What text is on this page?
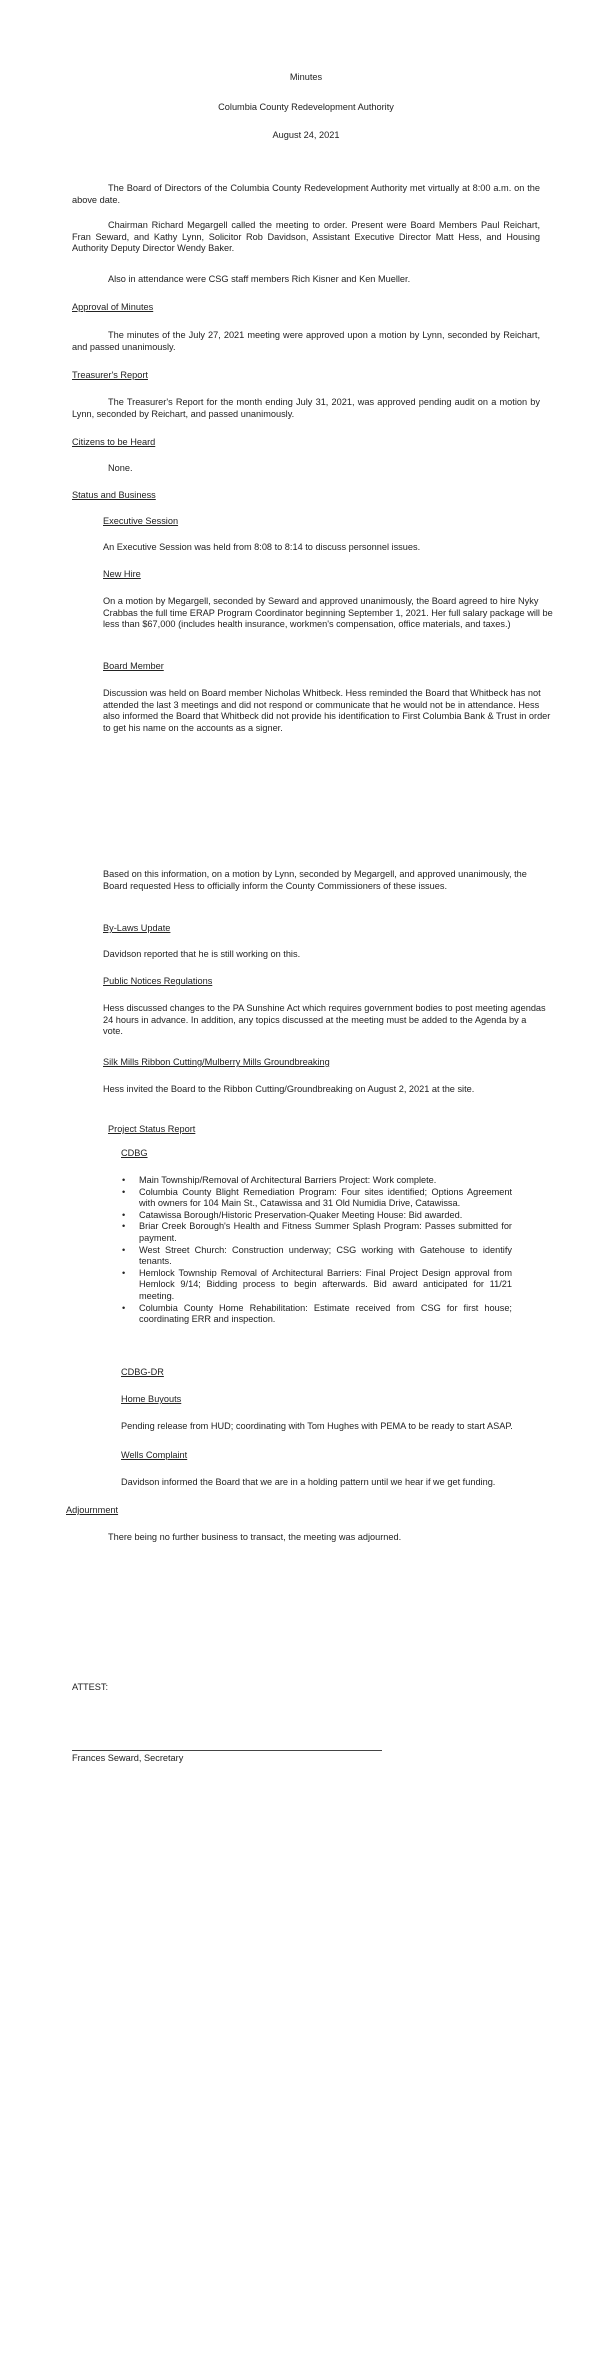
Minutes
Columbia County Redevelopment Authority
August 24, 2021
The Board of Directors of the Columbia County Redevelopment Authority met virtually at 8:00 a.m. on the above date.
Chairman Richard Megargell called the meeting to order. Present were Board Members Paul Reichart, Fran Seward, and Kathy Lynn, Solicitor Rob Davidson, Assistant Executive Director Matt Hess, and Housing Authority Deputy Director Wendy Baker.
Also in attendance were CSG staff members Rich Kisner and Ken Mueller.
Approval of Minutes
The minutes of the July 27, 2021 meeting were approved upon a motion by Lynn, seconded by Reichart, and passed unanimously.
Treasurer's Report
The Treasurer's Report for the month ending July 31, 2021, was approved pending audit on a motion by Lynn, seconded by Reichart, and passed unanimously.
Citizens to be Heard
None.
Status and Business
Executive Session
An Executive Session was held from 8:08 to 8:14 to discuss personnel issues.
New Hire
On a motion by Megargell, seconded by Seward and approved unanimously, the Board agreed to hire Nyky Crabbas the full time ERAP Program Coordinator beginning September 1, 2021. Her full salary package will be less than $67,000 (includes health insurance, workmen's compensation, office materials, and taxes.)
Board Member
Discussion was held on Board member Nicholas Whitbeck. Hess reminded the Board that Whitbeck has not attended the last 3 meetings and did not respond or communicate that he would not be in attendance. Hess also informed the Board that Whitbeck did not provide his identification to First Columbia Bank & Trust in order to get his name on the accounts as a signer.
Based on this information, on a motion by Lynn, seconded by Megargell, and approved unanimously, the Board requested Hess to officially inform the County Commissioners of these issues.
By-Laws Update
Davidson reported that he is still working on this.
Public Notices Regulations
Hess discussed changes to the PA Sunshine Act which requires government bodies to post meeting agendas 24 hours in advance. In addition, any topics discussed at the meeting must be added to the Agenda by a vote.
Silk Mills Ribbon Cutting/Mulberry Mills Groundbreaking
Hess invited the Board to the Ribbon Cutting/Groundbreaking on August 2, 2021 at the site.
Project Status Report
CDBG
• Main Township/Removal of Architectural Barriers Project: Work complete.
• Columbia County Blight Remediation Program: Four sites identified; Options Agreement with owners for 104 Main St., Catawissa and 31 Old Numidia Drive, Catawissa.
• Catawissa Borough/Historic Preservation-Quaker Meeting House: Bid awarded.
• Briar Creek Borough's Health and Fitness Summer Splash Program: Passes submitted for payment.
• West Street Church: Construction underway; CSG working with Gatehouse to identify tenants.
• Hemlock Township Removal of Architectural Barriers: Final Project Design approval from Hemlock 9/14; Bidding process to begin afterwards. Bid award anticipated for 11/21 meeting.
• Columbia County Home Rehabilitation: Estimate received from CSG for first house; coordinating ERR and inspection.
CDBG-DR
Home Buyouts
Pending release from HUD; coordinating with Tom Hughes with PEMA to be ready to start ASAP.
Wells Complaint
Davidson informed the Board that we are in a holding pattern until we hear if we get funding.
Adjournment
There being no further business to transact, the meeting was adjourned.
ATTEST:
Frances Seward, Secretary
